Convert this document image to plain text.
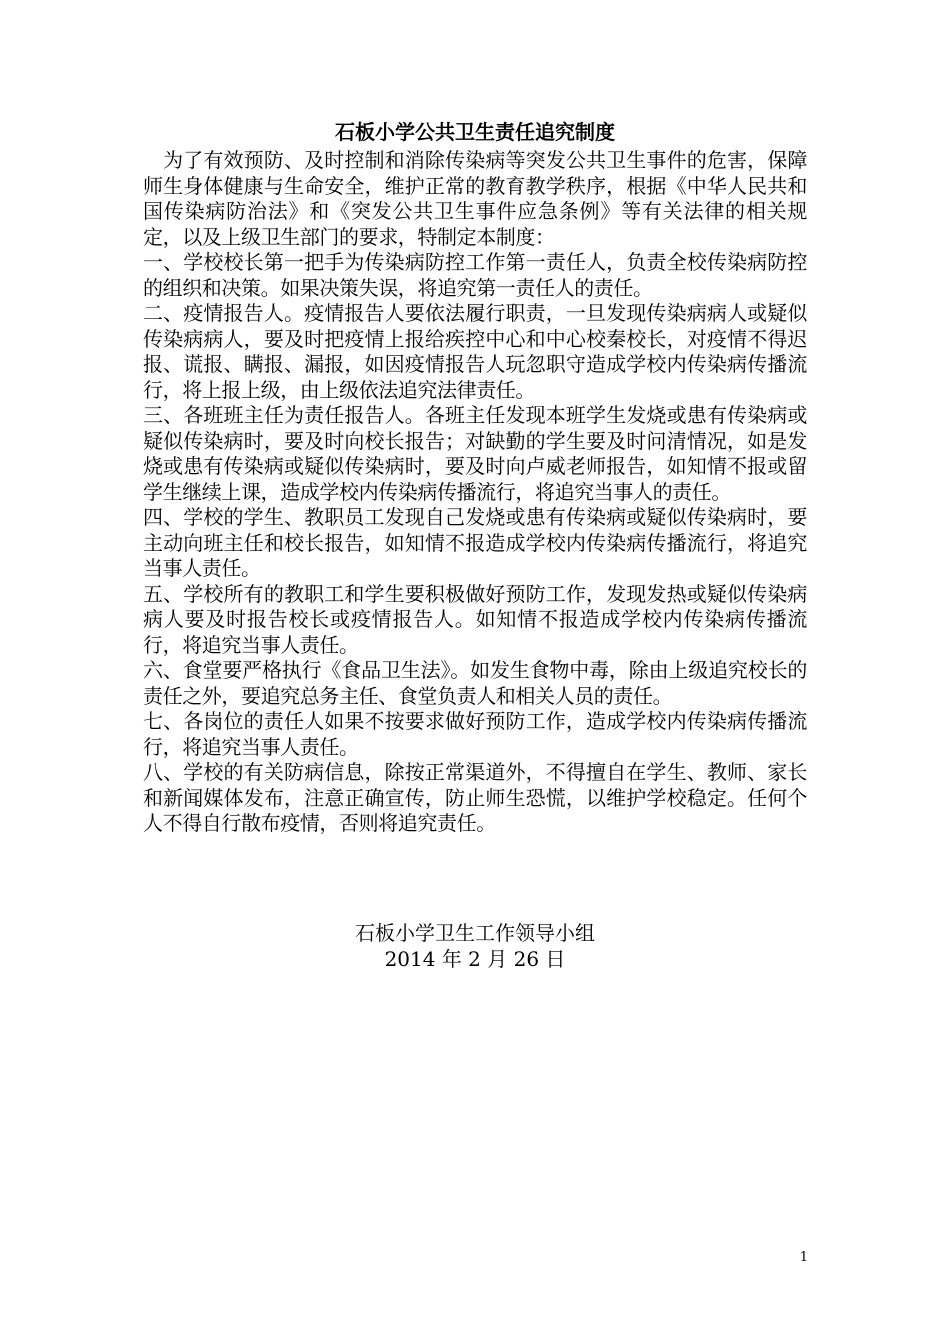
石板小学公共卫生责任追究制度

　为了有效预防、及时控制和消除传染病等突发公共卫生事件的危害，保障师生身体健康与生命安全，维护正常的教育教学秩序，根据《中华人民共和国传染病防治法》和《突发公共卫生事件应急条例》等有关法律的相关规定，以及上级卫生部门的要求，特制定本制度：

一、学校校长第一把手为传染病防控工作第一责任人，负责全校传染病防控的组织和决策。如果决策失误，将追究第一责任人的责任。

二、疫情报告人。疫情报告人要依法履行职责，一旦发现传染病病人或疑似传染病病人，要及时把疫情上报给疾控中心和中心校秦校长，对疫情不得迟报、谎报、瞒报、漏报，如因疫情报告人玩忽职守造成学校内传染病传播流行，将上报上级，由上级依法追究法律责任。

三、各班班主任为责任报告人。各班主任发现本班学生发烧或患有传染病或疑似传染病时，要及时向校长报告；对缺勤的学生要及时问清情况，如是发烧或患有传染病或疑似传染病时，要及时向卢威老师报告，如知情不报或留学生继续上课，造成学校内传染病传播流行，将追究当事人的责任。

四、学校的学生、教职员工发现自己发烧或患有传染病或疑似传染病时，要主动向班主任和校长报告，如知情不报造成学校内传染病传播流行，将追究当事人责任。

五、学校所有的教职工和学生要积极做好预防工作，发现发热或疑似传染病病人要及时报告校长或疫情报告人。如知情不报造成学校内传染病传播流行，将追究当事人责任。

六、食堂要严格执行《食品卫生法》。如发生食物中毒，除由上级追究校长的责任之外，要追究总务主任、食堂负责人和相关人员的责任。

七、各岗位的责任人如果不按要求做好预防工作，造成学校内传染病传播流行，将追究当事人责任。

八、学校的有关防病信息，除按正常渠道外，不得擅自在学生、教师、家长和新闻媒体发布，注意正确宣传，防止师生恐慌，以维护学校稳定。任何个人不得自行散布疫情，否则将追究责任。

石板小学卫生工作领导小组

2014 年 2 月 26 日

1
